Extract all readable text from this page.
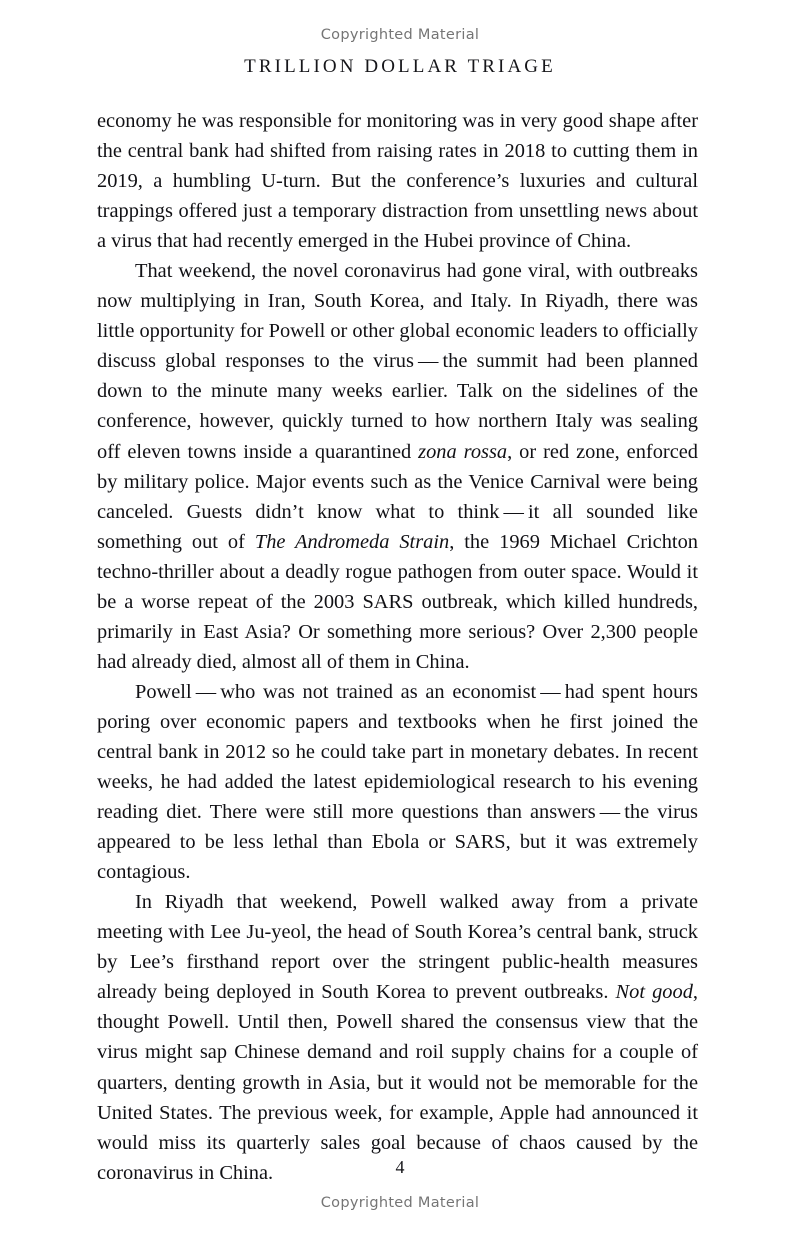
Copyrighted Material
TRILLION DOLLAR TRIAGE

economy he was responsible for monitoring was in very good shape after the central bank had shifted from raising rates in 2018 to cutting them in 2019, a humbling U-turn. But the conference’s luxuries and cultural trappings offered just a temporary distraction from unsettling news about a virus that had recently emerged in the Hubei province of China.

That weekend, the novel coronavirus had gone viral, with outbreaks now multiplying in Iran, South Korea, and Italy. In Riyadh, there was little opportunity for Powell or other global economic leaders to officially discuss global responses to the virus — the summit had been planned down to the minute many weeks earlier. Talk on the sidelines of the conference, however, quickly turned to how northern Italy was sealing off eleven towns inside a quarantined zona rossa, or red zone, enforced by military police. Major events such as the Venice Carnival were being canceled. Guests didn’t know what to think — it all sounded like something out of The Andromeda Strain, the 1969 Michael Crichton techno-thriller about a deadly rogue pathogen from outer space. Would it be a worse repeat of the 2003 SARS outbreak, which killed hundreds, primarily in East Asia? Or something more serious? Over 2,300 people had already died, almost all of them in China.

Powell — who was not trained as an economist — had spent hours poring over economic papers and textbooks when he first joined the central bank in 2012 so he could take part in monetary debates. In recent weeks, he had added the latest epidemiological research to his evening reading diet. There were still more questions than answers — the virus appeared to be less lethal than Ebola or SARS, but it was extremely contagious.

In Riyadh that weekend, Powell walked away from a private meeting with Lee Ju-yeol, the head of South Korea’s central bank, struck by Lee’s firsthand report over the stringent public-health measures already being deployed in South Korea to prevent outbreaks. Not good, thought Powell. Until then, Powell shared the consensus view that the virus might sap Chinese demand and roil supply chains for a couple of quarters, denting growth in Asia, but it would not be memorable for the United States. The previous week, for example, Apple had announced it would miss its quarterly sales goal because of chaos caused by the coronavirus in China.	4
Copyrighted Material
